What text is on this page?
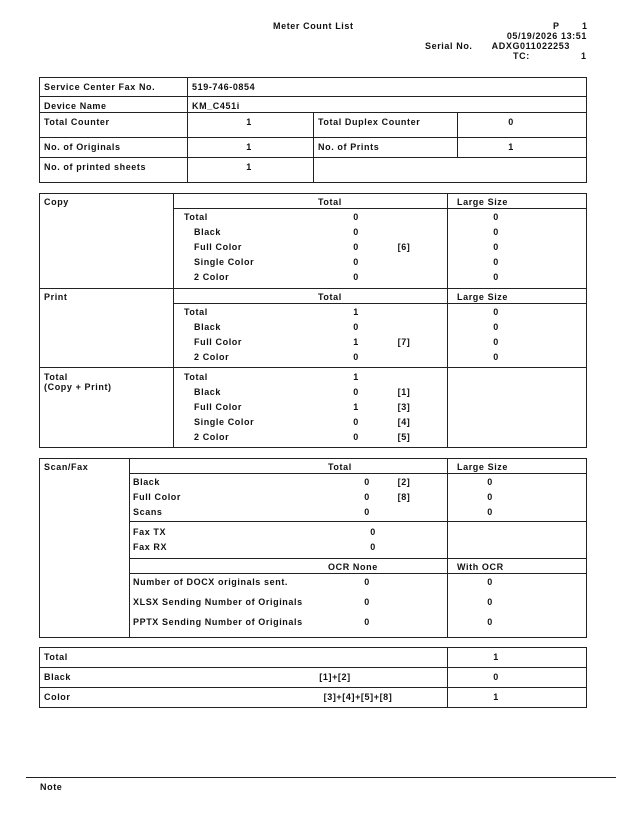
Meter Count List	P 1
05/19/2026 13:51
Serial No. ADXG011022253
TC:	1
Service Center Fax No.	519-746-0854
Device Name	KM_C451i
Total Counter	1	Total Duplex Counter	0
No. of Originals	1	No. of Prints	1
No. of printed sheets	1
Copy	Total	Large Size
Total	0	0
Black	0	0
Full Color	0	[6]	0
Single Color	0	0
2 Color	0	0
Print	Total	Large Size
Total	1	0
Black	0	0
Full Color	1	[7]	0
2 Color	0	0
Total
(Copy + Print)
Total	1
Black	0	[1]
Full Color	1	[3]
Single Color	0	[4]
2 Color	0	[5]
Scan/Fax	Total	Large Size
Black	0	[2]	0
Full Color	0	[8]	0
Scans	0	0
Fax TX	0
Fax RX	0
OCR None	With OCR
Number of DOCX originals sent.	0	0
XLSX Sending Number of Originals	0	0
PPTX Sending Number of Originals	0	0
Total	1
Black	[1]+[2]	0
Color	[3]+[4]+[5]+[8]	1
Note
